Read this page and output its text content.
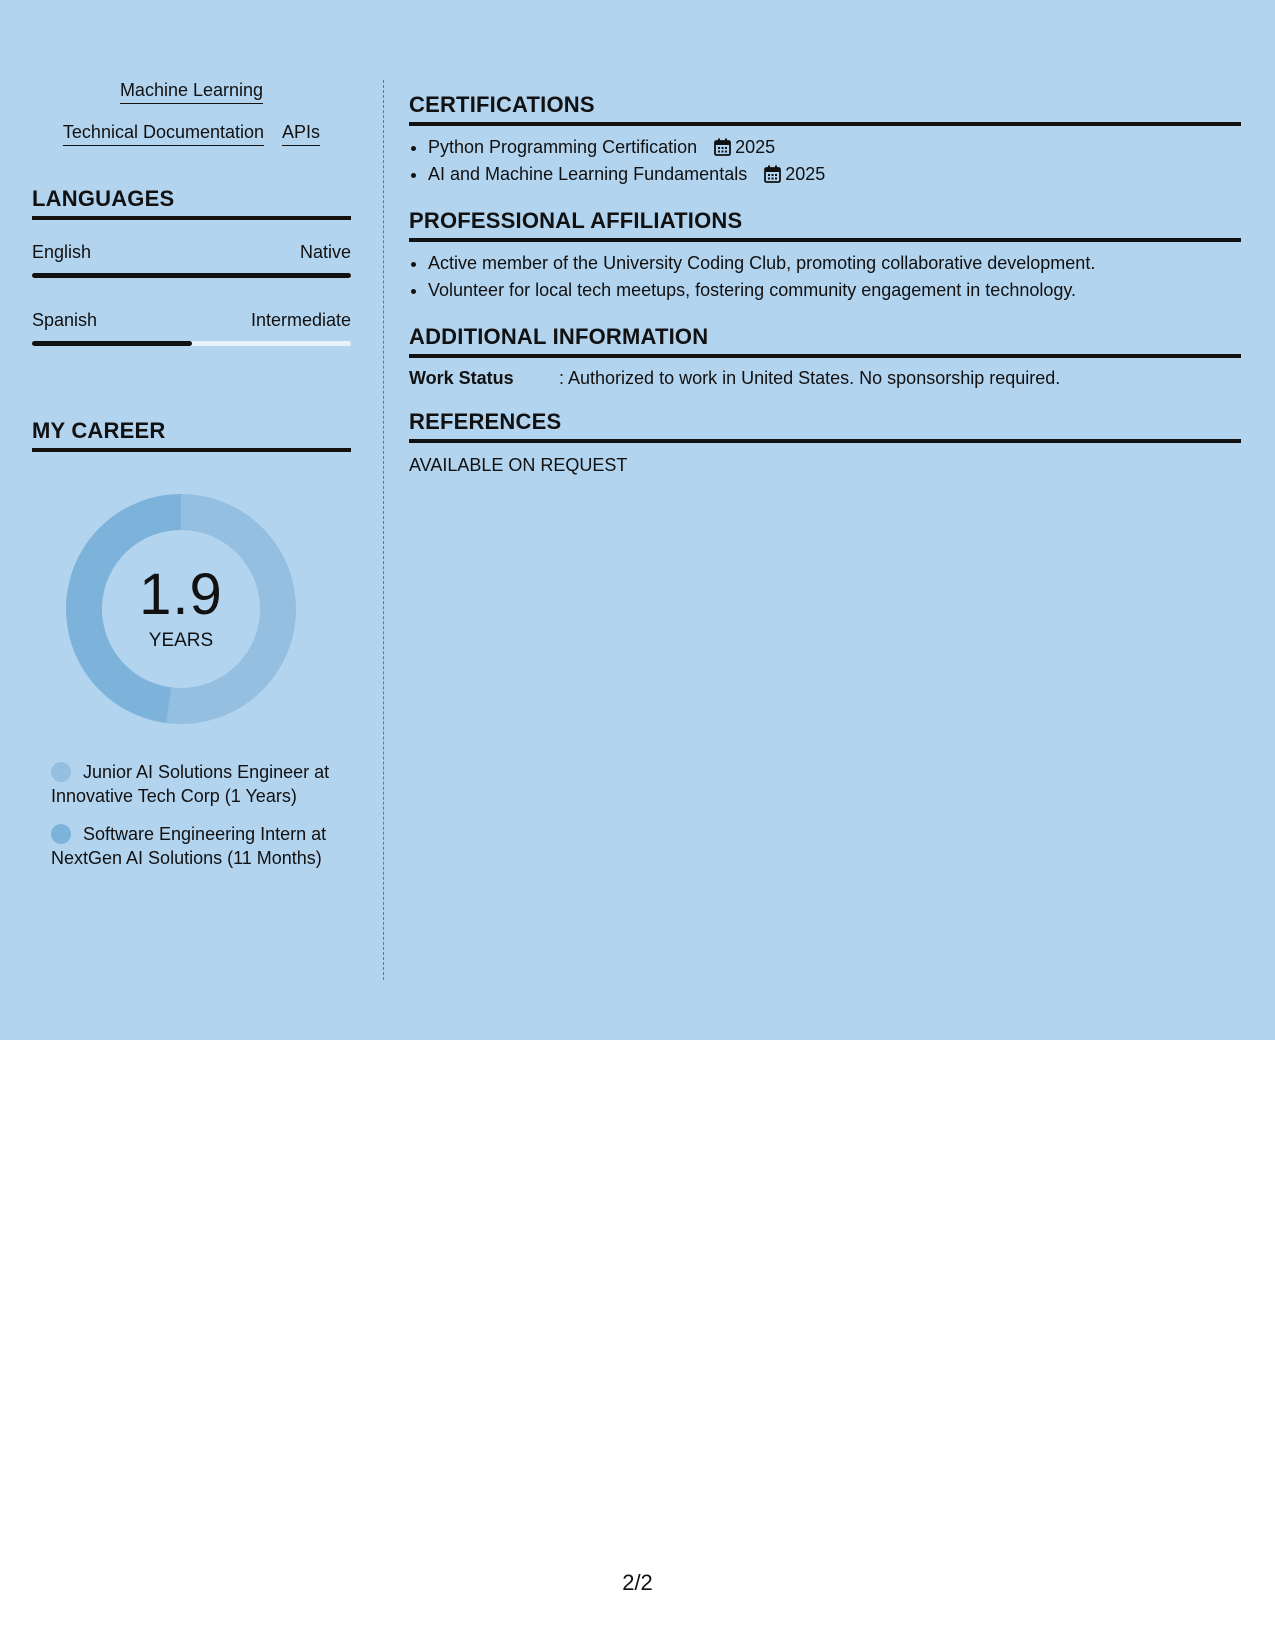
Machine Learning
Technical Documentation APIs
LANGUAGES
English	Native
Spanish	Intermediate
MY CAREER
1.9
YEARS
Junior AI Solutions Engineer at Innovative Tech Corp (1 Years)
Software Engineering Intern at NextGen AI Solutions (11 Months)
CERTIFICATIONS
• Python Programming Certification 2025
• AI and Machine Learning Fundamentals 2025
PROFESSIONAL AFFILIATIONS
• Active member of the University Coding Club, promoting collaborative development.
• Volunteer for local tech meetups, fostering community engagement in technology.
ADDITIONAL INFORMATION
Work Status	: Authorized to work in United States. No sponsorship required.
REFERENCES
AVAILABLE ON REQUEST
2/2
